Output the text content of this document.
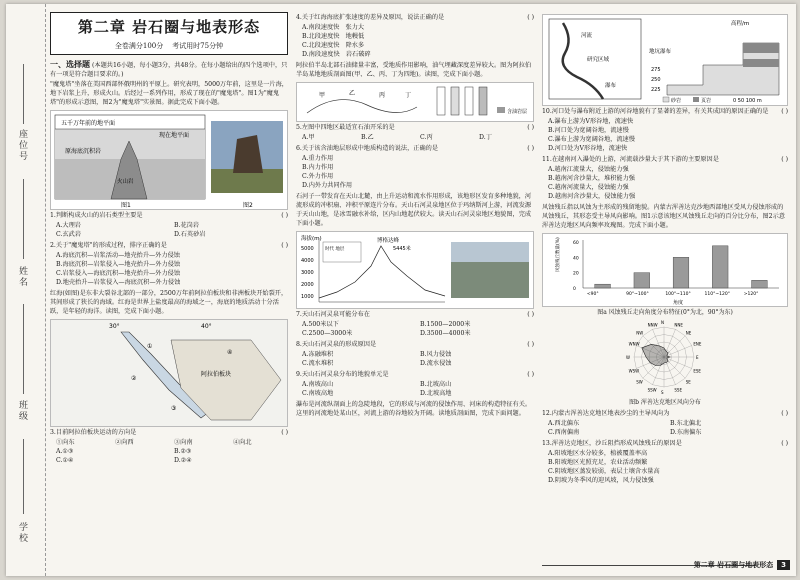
座位号
姓名
班级
学校
第二章 岩石圈与地表形态
全卷满分100分 考试用时75分钟

一、选择题 (本题共16小题，每小题3分，共48分。在每小题给出的四个选项中，只有一项是符合题目要求的。)

"魔鬼塔"坐落在美国西部怀俄明州的平原上。研究表明，5000万年前，这里是一片海，地下岩浆上升，形成火山。后经过一系列作用，形成了现在的"魔鬼塔"。图1为"魔鬼塔"的形成示意图，图2为"魔鬼塔"实景图。据此完成下面小题。

五千万年前的地平面
现在地平面
原海底沉积岩
火山岩
图1	图2

1.判断构成火山的岩石类型主要是	( )

A.大理岩	B.花岗岩
C.玄武岩	D.石英砂岩

2.关于"魔鬼塔"的形成过程，排序正确的是	( )

A.海底沉积—岩浆活动—地壳抬升—外力侵蚀
B.海底沉积—岩浆侵入—地壳抬升—外力侵蚀
C.岩浆侵入—海底沉积—地壳抬升—外力侵蚀
D.地壳抬升—岩浆侵入—海底沉积—外力侵蚀

红海(如图)是东非大裂谷北部的一部分，2500万年前阿拉伯板块和非洲板块开始裂开，其间形成了狭长的海域。红海是世界上盐度最高的海域之一，海底的地质活动十分活跃，是年轻的海洋。读图，完成下面小题。

30°	40°
阿拉伯板块
①
②
③
④

3.目前阿拉伯板块运动的方向是	( )

①向东	②向西	③向南	④向北
A.①③	B.②③
C.①④	D.②④

4.关于红海海底扩张速度的差异及原因，说法正确的是	( )

A.南段速度快　张力大
B.北段速度快　地幔低
C.北段速度快　降水多
D.南段速度快　岩石破碎

阿拉伯半岛北部石油储量丰富，受地质作用影响，油气埋藏深度差异较大。图为阿拉伯半岛某地地质剖面图(甲、乙、丙、丁为四地)。读图，完成下面小题。

甲	乙	丙	丁
含油岩层

5.左图中四地区最适宜石油开采的是	( )

A.甲	B.乙	C.丙	D.丁

6.关于该含油地层形成中地质构造的说法，正确的是	( )

A.重力作用
B.内力作用
C.外力作用
D.内外力共同作用

石河子一带发育在天山北麓，由上升运动和流水作用形成，该地形区发育多种地貌，河流形成的冲积扇、冲积平原连片分布。天山石河灵泉地区位于玛纳斯河上游，河流发源于天山山地，是冰雪融水补给，区内山地起伏较大。读天山石河灵泉地区地貌图，完成下面小题。

海拔(m)
5000
4000
3000
2000
1000
博格达峰
5445米
时代 地层

7.天山石河灵泉可能分布在	( )

A.500米以下	B.1500—2000米
C.2500—3000米	D.3500—4000米

8.天山石河灵泉的形成原因是	( )

A.冻融堆积	B.风力侵蚀
C.流水堆积	D.流水侵蚀

9.天山石河灵泉分布的地貌单元是	( )

A.南坡高山	B.北坡高山
C.南坡高地	D.北坡高地

瀑布是河流纵剖面上的急陡地段，它的形成与河流的侵蚀作用、河床的构造特征有关。这里的河流地处某山区，河流上游的谷地较为开阔。读地质剖面图，完成下面问题。

河流
研究区域
瀑布
高程/m
地坑瀑布
275
250
225
砂岩	页岩	0 50 100 m

10.河口处与瀑布附近上游的河谷地貌有了显著的差异，有关其成因的原因正确的是 ( )

A.瀑布上游为V形谷地，流速快
B.河口处为宽阔谷地，流速慢
C.瀑布上游为宽阔谷地，流速慢
D.河口处为V形谷地，流速快

11.在越南河入瀑处的上游，河流载沙量大于其下游的主要原因是	( )

A.越南江流量大，侵蚀能力强
B.越南河含沙量大，堆积能力强
C.越南河流量大，侵蚀能力强
D.越南河含沙量大，侵蚀能力强

风蚀残丘指以风蚀为主形成的残留地貌。内蒙古浑善达克沙地西部地区受风力侵蚀形成的风蚀残丘，其形态受主导风向影响。图1示意该地区风蚀残丘走向的百分比分布，图2示意浑善达克地区风向频率玫瑰图。完成下面小题。

风蚀残丘数量(%)
角度
0
20
40
60
<90°	90°~100°	100°~110°	110°~120°	>120°
图a 风蚀残丘走向角度分布特征(0°为北，90°为东)
N
NNE
NE
ENE
E
ESE
SE
SSE
S
SSW
SW
WSW
W
WNW
NW
NNW
图b 浑善达克地区风向分布

12.内蒙古浑善达克地区地表沙尘的主导风向为	( )

A.西北偏东	B.东北偏北
C.西南偏南	D.东南偏东

13.浑善达克地区，沙丘阻挡形成风蚀残丘的原因是	( )

A.阳坡地区水分较多，植被覆盖率高
B.阳坡地区光照充足，农业活动频繁
C.阴坡地区蒸发较弱，表层土壤含水量高
D.阴坡为冬季风的迎风坡，风力侵蚀强
第二章 岩石圈与地表形态	3
